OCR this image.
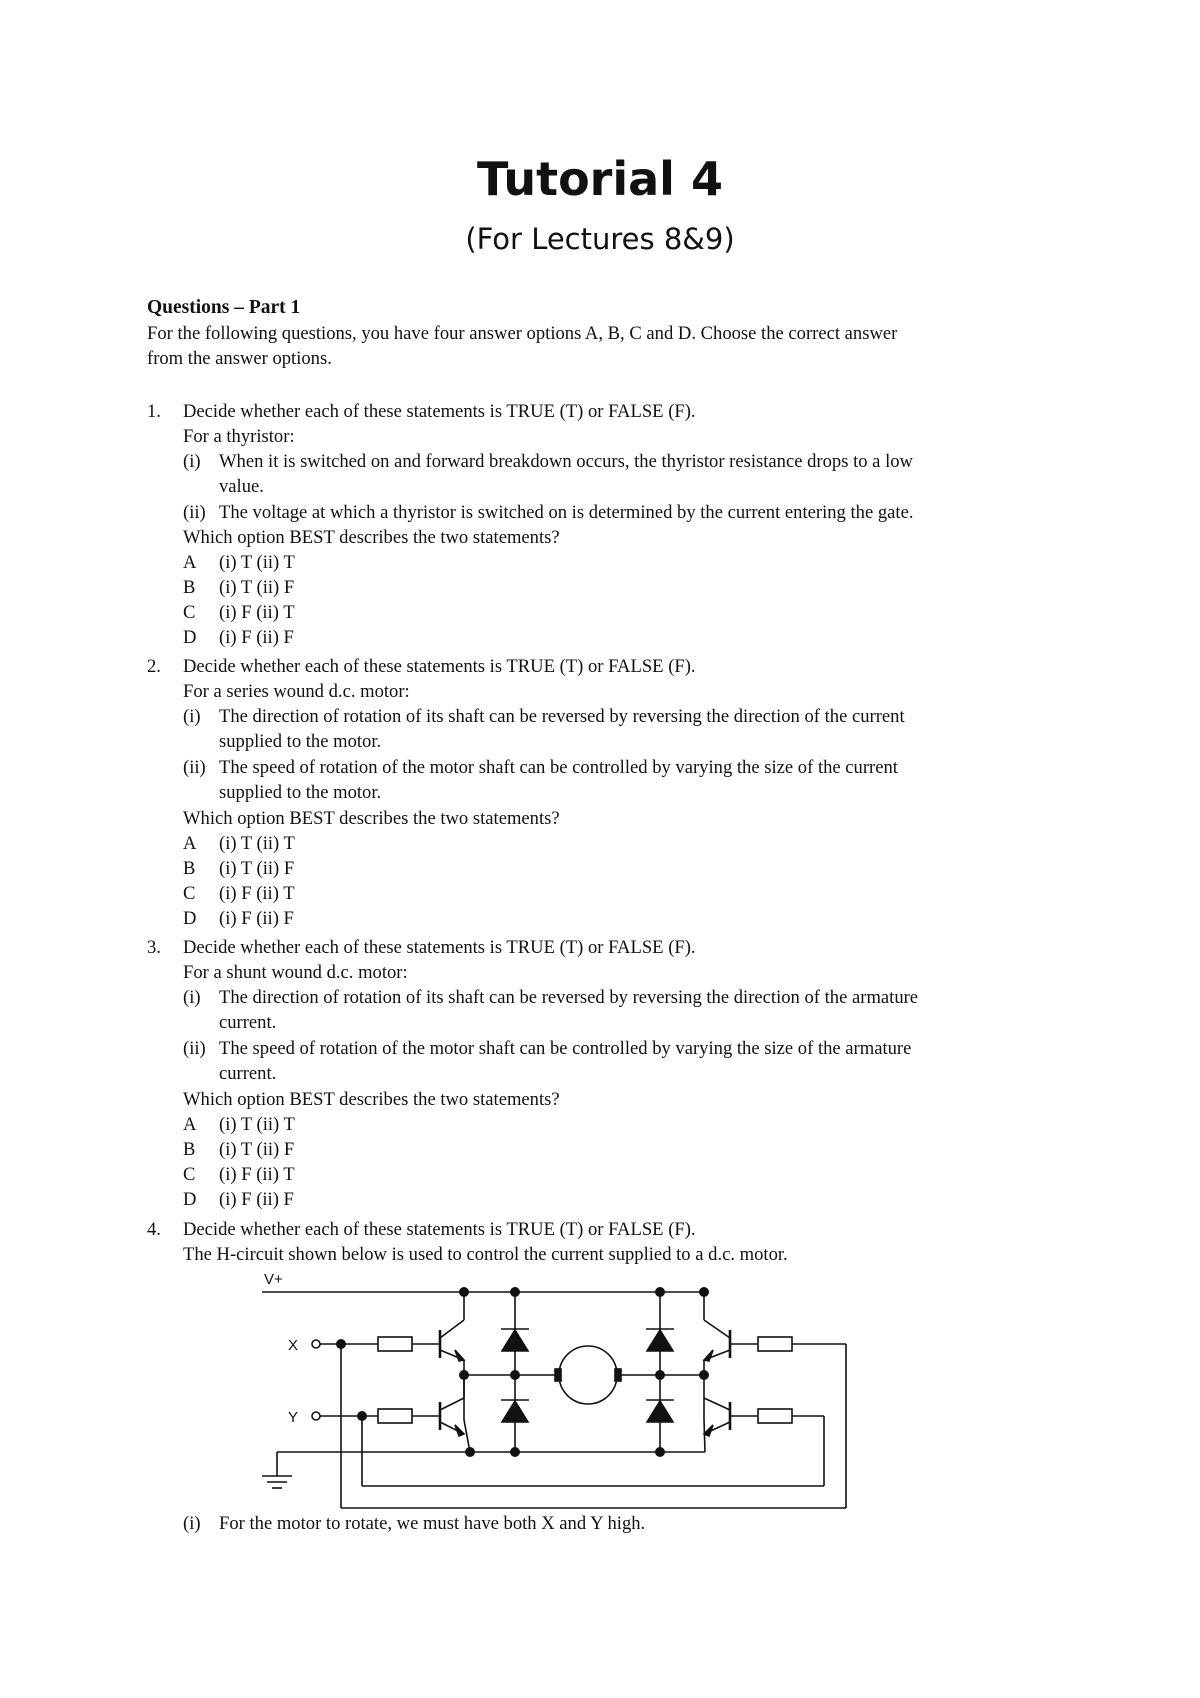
Tutorial 4
(For Lectures 8&9)
Questions – Part 1
For the following questions, you have four answer options A, B, C and D. Choose the correct answer
from the answer options.
1. Decide whether each of these statements is TRUE (T) or FALSE (F).
For a thyristor:
(i) When it is switched on and forward breakdown occurs, the thyristor resistance drops to a low
value.
(ii) The voltage at which a thyristor is switched on is determined by the current entering the gate.
Which option BEST describes the two statements?
A (i) T (ii) T
B (i) T (ii) F
C (i) F (ii) T
D (i) F (ii) F
2. Decide whether each of these statements is TRUE (T) or FALSE (F).
For a series wound d.c. motor:
(i) The direction of rotation of its shaft can be reversed by reversing the direction of the current
supplied to the motor.
(ii) The speed of rotation of the motor shaft can be controlled by varying the size of the current
supplied to the motor.
Which option BEST describes the two statements?
A (i) T (ii) T
B (i) T (ii) F
C (i) F (ii) T
D (i) F (ii) F
3. Decide whether each of these statements is TRUE (T) or FALSE (F).
For a shunt wound d.c. motor:
(i) The direction of rotation of its shaft can be reversed by reversing the direction of the armature
current.
(ii) The speed of rotation of the motor shaft can be controlled by varying the size of the armature
current.
Which option BEST describes the two statements?
A (i) T (ii) T
B (i) T (ii) F
C (i) F (ii) T
D (i) F (ii) F
4. Decide whether each of these statements is TRUE (T) or FALSE (F).
The H-circuit shown below is used to control the current supplied to a d.c. motor.
(i) For the motor to rotate, we must have both X and Y high.
V+
X
Y
